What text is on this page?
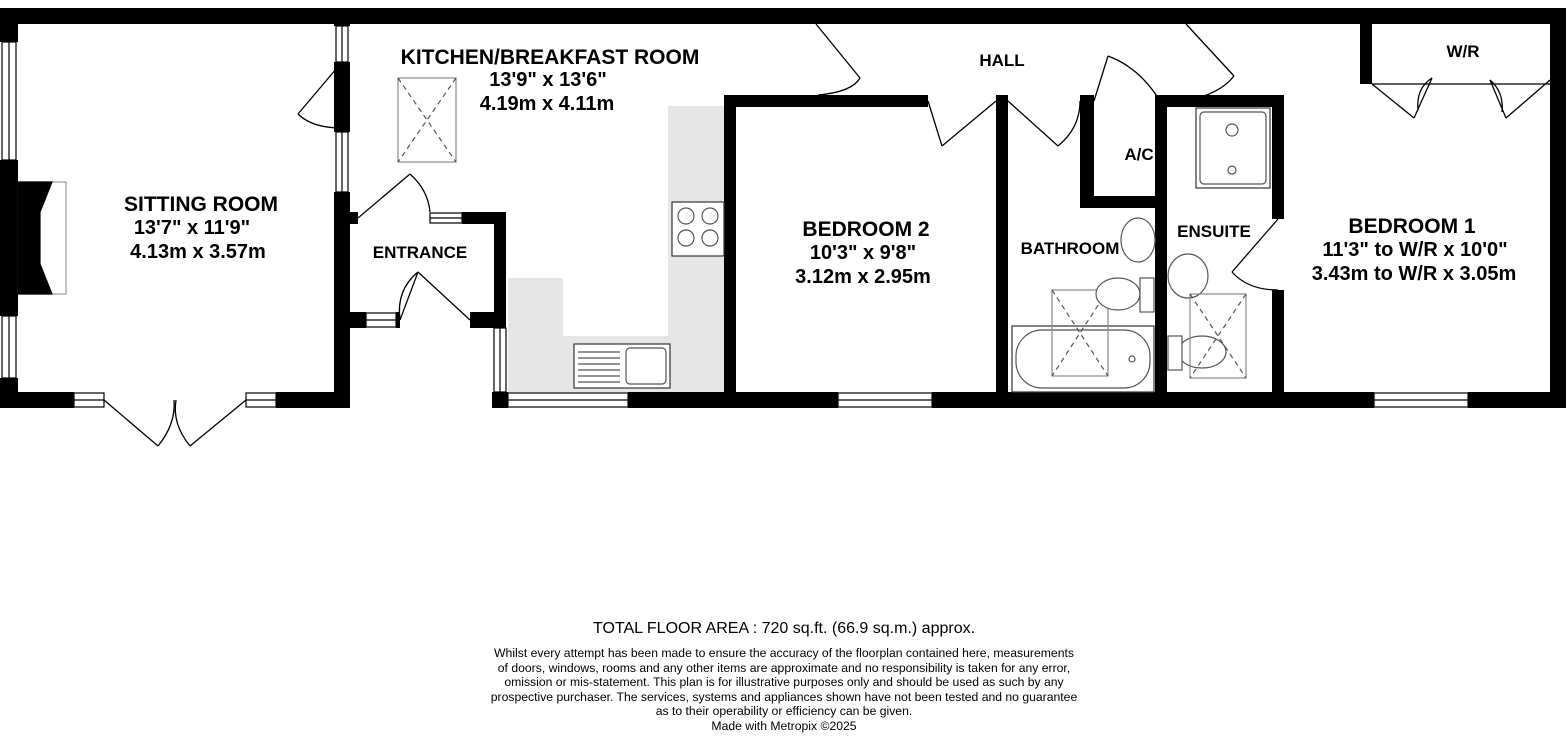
KITCHEN/BREAKFAST ROOM
13'9" x 13'6"
4.19m x 4.11m
SITTING ROOM
13'7" x 11'9"
4.13m x 3.57m	ENTRANCE
HALL
BEDROOM 2
10'3" x 9'8"
3.12m x 2.95m
A/C
BATHROOM
ENSUITE
W/R
BEDROOM 1
11'3" to W/R x 10'0"
3.43m to W/R x 3.05m
TOTAL FLOOR AREA : 720 sq.ft. (66.9 sq.m.) approx.
Whilst every attempt has been made to ensure the accuracy of the floorplan contained here, measurements
of doors, windows, rooms and any other items are approximate and no responsibility is taken for any error,
omission or mis-statement. This plan is for illustrative purposes only and should be used as such by any
prospective purchaser. The services, systems and appliances shown have not been tested and no guarantee
as to their operability or efficiency can be given.
Made with Metropix ©2025
